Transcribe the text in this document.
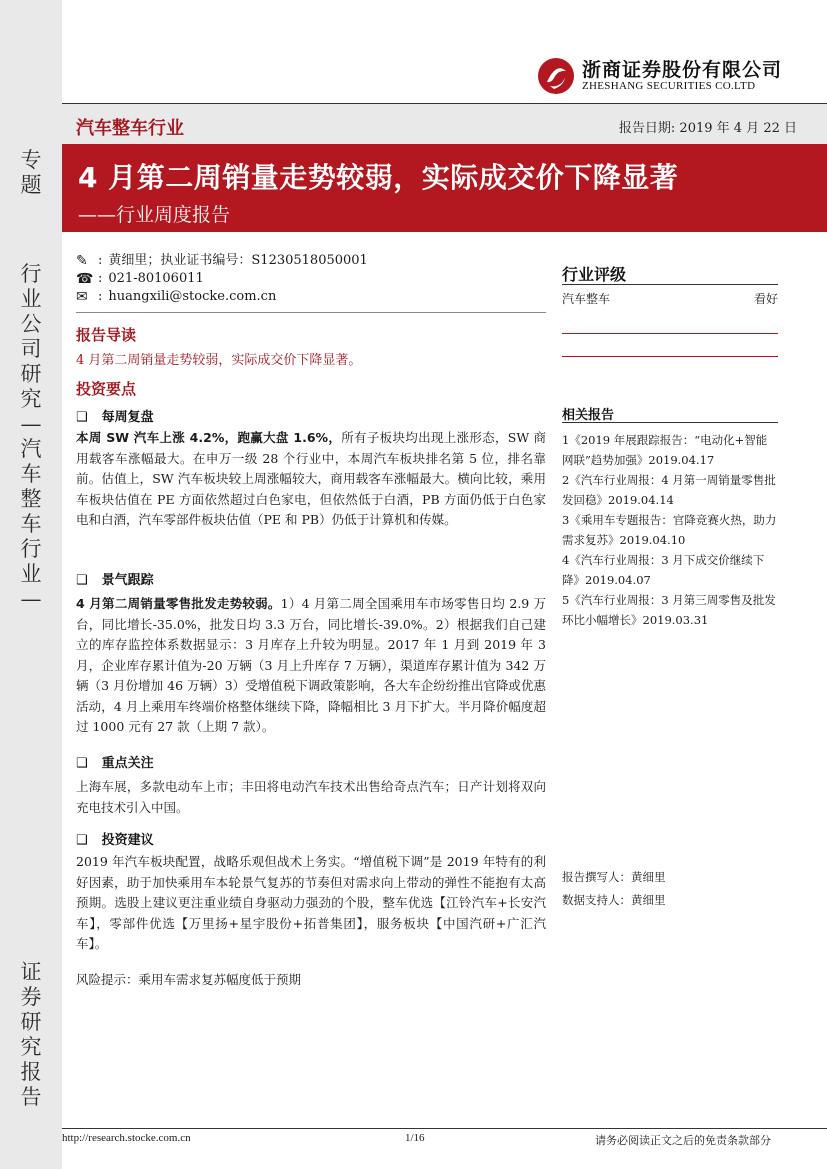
专题
行业公司研究—汽车整车行业—
证券研究报告
浙商证券股份有限公司
ZHESHANG SECURITIES CO.LTD
汽车整车行业	报告日期: 2019 年 4 月 22 日
4 月第二周销量走势较弱，实际成交价下降显著
——行业周度报告
✎ : 黄细里；执业证书编号：S1230518050001
☎ : 021-80106011
✉ : huangxili@stocke.com.cn
报告导读
4 月第二周销量走势较弱，实际成交价下降显著。
投资要点
❑ 每周复盘
本周 SW 汽车上涨 4.2%，跑赢大盘 1.6%，所有子板块均出现上涨形态，SW 商用载客车涨幅最大。在申万一级 28 个行业中，本周汽车板块排名第 5 位，排名靠前。估值上，SW 汽车板块较上周涨幅较大，商用载客车涨幅最大。横向比较，乘用车板块估值在 PE 方面依然超过白色家电，但依然低于白酒，PB 方面仍低于白色家电和白酒，汽车零部件板块估值（PE 和 PB）仍低于计算机和传媒。
❑ 景气跟踪
4 月第二周销量零售批发走势较弱。1）4 月第二周全国乘用车市场零售日均 2.9 万台，同比增长-35.0%，批发日均 3.3 万台，同比增长-39.0%。2）根据我们自己建立的库存监控体系数据显示：3 月库存上升较为明显。2017 年 1 月到 2019 年 3 月，企业库存累计值为-20 万辆（3 月上升库存 7 万辆），渠道库存累计值为 342 万辆（3 月份增加 46 万辆）3）受增值税下调政策影响，各大车企纷纷推出官降或优惠活动，4 月上乘用车终端价格整体继续下降，降幅相比 3 月下扩大。半月降价幅度超过 1000 元有 27 款（上期 7 款）。
❑ 重点关注
上海车展，多款电动车上市；丰田将电动汽车技术出售给奇点汽车；日产计划将双向充电技术引入中国。
❑ 投资建议
2019 年汽车板块配置，战略乐观但战术上务实。“增值税下调”是 2019 年特有的利好因素，助于加快乘用车本轮景气复苏的节奏但对需求向上带动的弹性不能抱有太高预期。选股上建议更注重业绩自身驱动力强劲的个股，整车优选【江铃汽车+长安汽车】，零部件优选【万里扬+星宇股份+拓普集团】，服务板块【中国汽研+广汇汽车】。
风险提示：乘用车需求复苏幅度低于预期
行业评级
汽车整车	看好
相关报告
1《2019 年展跟踪报告：“电动化+智能网联”趋势加强》2019.04.17
2《汽车行业周报：4 月第一周销量零售批发回稳》2019.04.14
3《乘用车专题报告：官降竞赛火热，助力需求复苏》2019.04.10
4《汽车行业周报：3 月下成交价继续下降》2019.04.07
5《汽车行业周报：3 月第三周零售及批发环比小幅增长》2019.03.31
报告撰写人：黄细里
数据支持人：黄细里
http://research.stocke.com.cn	1/16	请务必阅读正文之后的免责条款部分
